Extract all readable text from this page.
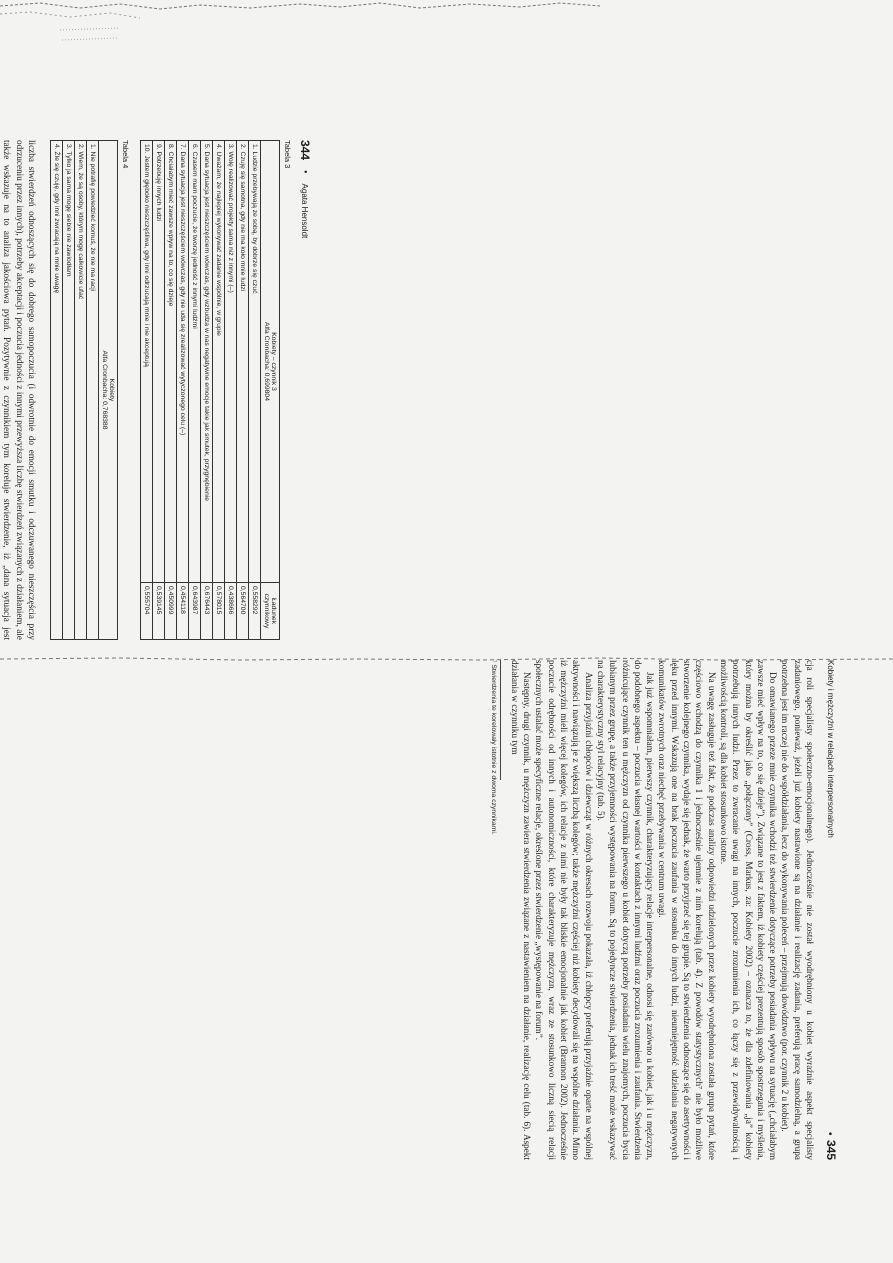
344
•
Agata Hensoldt
Tabela 3
Kobiety – czynnik 3
Alfa Cronbacha: 0,699804	Ładunek czynnikowy
1. Ludzie przebywają ze sobą, by dobrze się czuć	0,558292
2. Czuję się samotna, gdy nie ma koło mnie ludzi	0,564700
3. Wolę realizować projekty sama niż z innymi (–)	0,438666
4. Uważam, że najlepiej wykonywać zadanie wspólnie, w grupie	0,578015
5. Dana sytuacja jest nieszczęściem wówczas, gdy wzbudza w nas negatywne emocje takie jak smutek, przygnębienie	0,676443
6. Czasem mam poczucie, że tworzę jedność z innymi ludźmi	0,643987
7. Dana sytuacja jest nieszczęściem wówczas, gdy nie uda się zrealizować wytyczonego celu (–)	0,454118
8. Chciałabym mieć zawsze wpływ na to, co się dzieje	0,450999
9. Potrzebuję innych ludzi	0,539145
10. Jestem głęboko nieszczęśliwa, gdy inni odrzucają mnie i nie akceptują	0,555704
Tabela 4
Kobiety
Alfa Cronbacha: 0,768388

1. Nie potrafię powiedzieć komuś, że nie ma racji
2. Wiem, że są osoby, którym mogę całkowicie ufać
3. Tylko ja sama mogę siebie nie zawiodłam
4. Źle się czuję, gdy inni zwracają na mnie uwagę

liczba stwierdzeń odnoszących się do dobrego samopoczucia (i odwrotnie do emocji smutku i odczuwanego nieszczęścia przy odrzuceniu przez innych), potrzeby akceptacji i poczucia jedności z innymi przewyższa liczbę stwierdzeń związanych z działaniem, ale także wskazuje na to analiza jakościowa pytań. Pozytywnie z czynnikiem tym koreluje stwierdzenie, iż „dana sytuacja jest

Kobiety i mężczyźni w relacjach interpersonalnych
•  345

cja roli specjalisty społeczno-emocjonalnego). Jednocześnie nie został wyodrębniony u kobiet wyraźnie aspekt specjalisty zadaniowego, ponieważ, jeżeli już kobiety nastawione są na działanie i realizację zadania, preferują pracę samodzielną, a grupa potrzebna jest im raczej nie do współdziałania, lecz do wykonywania poleceń – przejmują dowództwo (por. czynnik 2 u kobiet).

Do omawianego przeze mnie czynnika wchodzi też stwierdzenie dotyczące potrzeby posiadania wpływu na sytuację („chciałabym zawsze mieć wpływ na to, co się dzieje”). Związane to jest z faktem, iż kobiety częściej prezentują sposób spostrzegania i myślenia, który można by określić jako „połączony” (Cross, Markus, za: Kobiety 2002) – oznacza to, że dla zdefiniowania „ja” kobiety potrzebują innych ludzi. Przez to zwracanie uwagi na innych, poczucie zrozumienia ich, co łączy się z przewidywalnością i możliwością kontroli, są dla kobiet stosunkowo istotne.

Na uwagę zasługuje też fakt, że podczas analizy odpowiedzi udzielonych przez kobiety wyodrębniona została grupa pytań, które częściowo wchodzą do czynnika 1 i jednocześnie ujemnie z nim korelują (tab. 4). Z powodów statystycznych⁷ nie było możliwe stworzenie kolejnego czynnika, wydaje się jednak, że warto przyjrzeć się tej grupie. Są to stwierdzenia odnoszące się do asertywności i lęku przed innymi. Wskazują one na brak poczucia zaufania w stosunku do innych ludzi, nieumiejętność udzielania negatywnych komunikatów zwrotnych oraz niechęć przebywania w centrum uwagi.

Jak już wspomniałam, pierwszy czynnik, charakteryzujący relacje interpersonalne, odnosi się zarówno u kobiet, jak i u mężczyzn, do podobnego aspektu – poczucia własnej wartości w kontaktach z innymi ludźmi oraz poczucia zrozumienia i zaufania. Stwierdzenia różnicujące czynnik ten u mężczyzn od czynnika pierwszego u kobiet dotyczą potrzeby posiadania wielu znajomych, poczucia bycia lubianym przez grupę, a także przyjemności występowania na forum. Są to pojedyncze stwierdzenia, jednak ich treść może wskazywać na charakterystyczny styl relacyjny (tab. 5).

Analiza przyjaźni chłopców i dziewcząt w różnych okresach rozwoju pokazała, iż chłopcy preferują przyjaźnie oparte na wspólnej aktywności i nawiązują je z większą liczbą kolegów; także mężczyźni częściej niż kobiety decydowali się na wspólne działania. Mimo iż mężczyźni mieli więcej kolegów, ich relacje z nimi nie były tak bliskie emocjonalnie jak kobiet (Brannon 2002). Jednocześnie poczucie odrębności od innych i autonomiczności, które charakteryzuje mężczyzn, wraz ze stosunkowo liczną siecią relacji społecznych ustalać może specyficzne relacje, określone przez stwierdzenie „występowanie na forum”.

Następny, drugi czynnik, u mężczyzn zawiera stwierdzenia związane z nastawieniem na działanie, realizację celu (tab. 6). Aspekt działania w czynniku tym

⁷ Stwierdzenia te korelowały istotnie z dwoma czynnikami.
